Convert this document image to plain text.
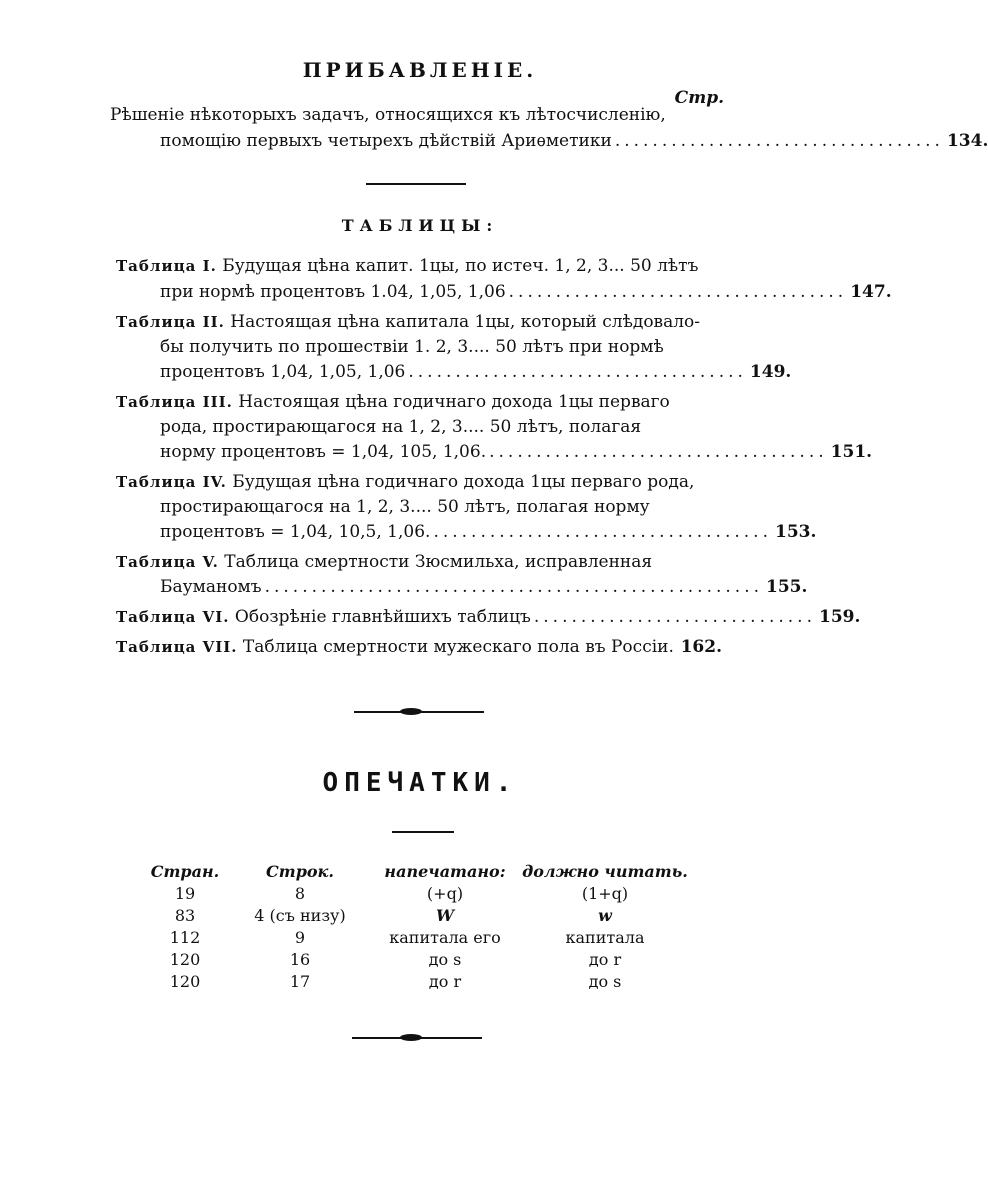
ПРИБАВЛЕНІЕ.
Стр.
Рѣшеніе нѣкоторыхъ задачъ, относящихся къ лѣтосчисленію,
помощію первыхъ четырехъ дѣйствій Ариѳметики ................................... 134.
ТАБЛИЦЫ:
Таблица I. Будущая цѣна капит. 1цы, по истеч. 1, 2, 3... 50 лѣтъ
при нормѣ процентовъ 1.04, 1,05, 1,06 .................................... 147.
Таблица II. Настоящая цѣна капитала 1цы, который слѣдовало-
бы получить по прошествіи 1. 2, 3.... 50 лѣтъ при нормѣ
процентовъ 1,04, 1,05, 1,06 .................................... 149.
Таблица III. Настоящая цѣна годичнаго дохода 1цы перваго
рода, простирающагося на 1, 2, 3.... 50 лѣтъ, полагая
норму процентовъ = 1,04, 105, 1,06. .................................... 151.
Таблица IV. Будущая цѣна годичнаго дохода 1цы перваго рода,
простирающагося на 1, 2, 3.... 50 лѣтъ, полагая норму
процентовъ = 1,04, 10,5, 1,06. .................................... 153.
Таблица V. Таблица смертности Зюсмильха, исправленная
Бауманомъ ..................................................... 155.
Таблица VI. Обозрѣніе главнѣйшихъ таблицъ .............................. 159.
Таблица VII. Таблица смертности мужескаго пола въ Россіи. 162.
ОПЕЧАТКИ.
Стран.	Строк.	напечатано:	должно читать.
19	8	(+q)	(1+q)
83	4 (съ низу)	W	w
112	9	капитала его	капитала
120	16	до s	до r
120	17	до r	до s
